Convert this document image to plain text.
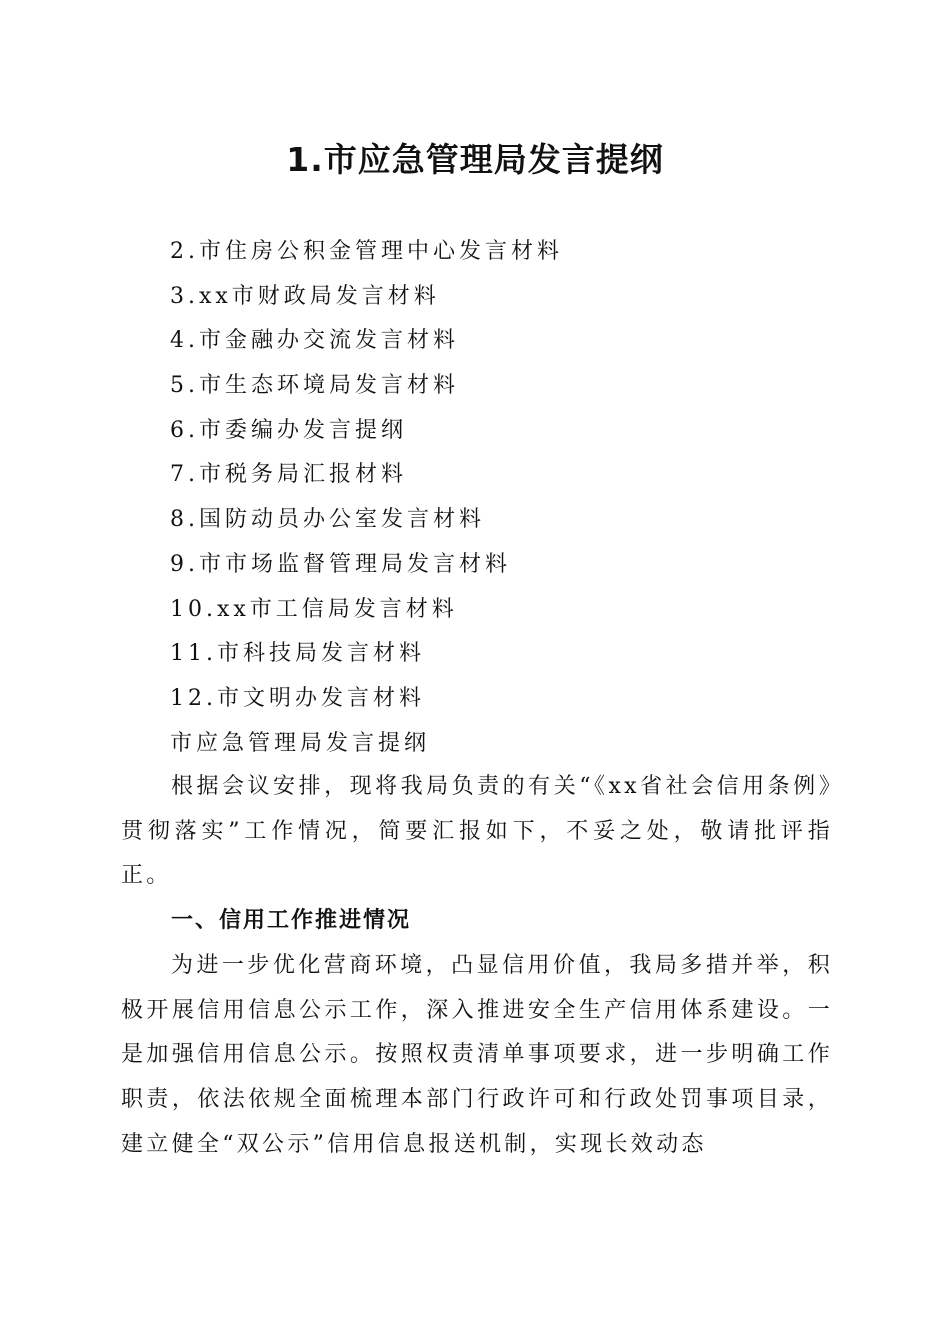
1.市应急管理局发言提纲
2.市住房公积金管理中心发言材料
3.xx市财政局发言材料
4.市金融办交流发言材料
5.市生态环境局发言材料
6.市委编办发言提纲
7.市税务局汇报材料
8.国防动员办公室发言材料
9.市市场监督管理局发言材料
10.xx市工信局发言材料
11.市科技局发言材料
12.市文明办发言材料
市应急管理局发言提纲

根据会议安排，现将我局负责的有关“《xx省社会信用条例》贯彻落实”工作情况，简要汇报如下，不妥之处，敬请批评指正。

一、信用工作推进情况

为进一步优化营商环境，凸显信用价值，我局多措并举，积极开展信用信息公示工作，深入推进安全生产信用体系建设。一是加强信用信息公示。按照权责清单事项要求，进一步明确工作职责，依法依规全面梳理本部门行政许可和行政处罚事项目录，建立健全“双公示”信用信息报送机制，实现长效动态
